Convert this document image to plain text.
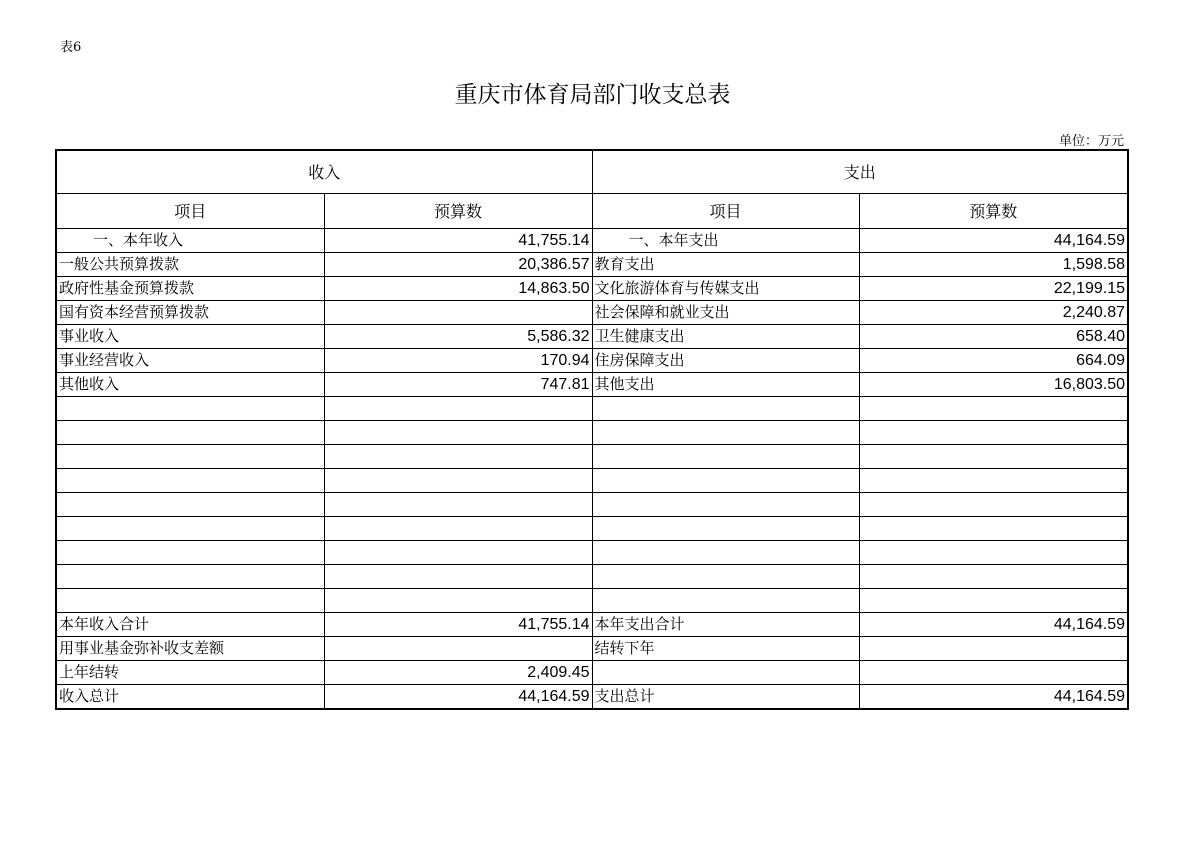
表6
重庆市体育局部门收支总表
单位：万元
收入		支出	
项目	预算数	项目	预算数
一、本年收入	41,755.14	一、本年支出	44,164.59
一般公共预算拨款	20,386.57	教育支出	1,598.58
政府性基金预算拨款	14,863.50	文化旅游体育与传媒支出	22,199.15
国有资本经营预算拨款		社会保障和就业支出	2,240.87
事业收入	5,586.32	卫生健康支出	658.40
事业经营收入	170.94	住房保障支出	664.09
其他收入	747.81	其他支出	16,803.50

本年收入合计	41,755.14	本年支出合计	44,164.59
用事业基金弥补收支差额		结转下年	
上年结转	2,409.45		
收入总计	44,164.59	支出总计	44,164.59
